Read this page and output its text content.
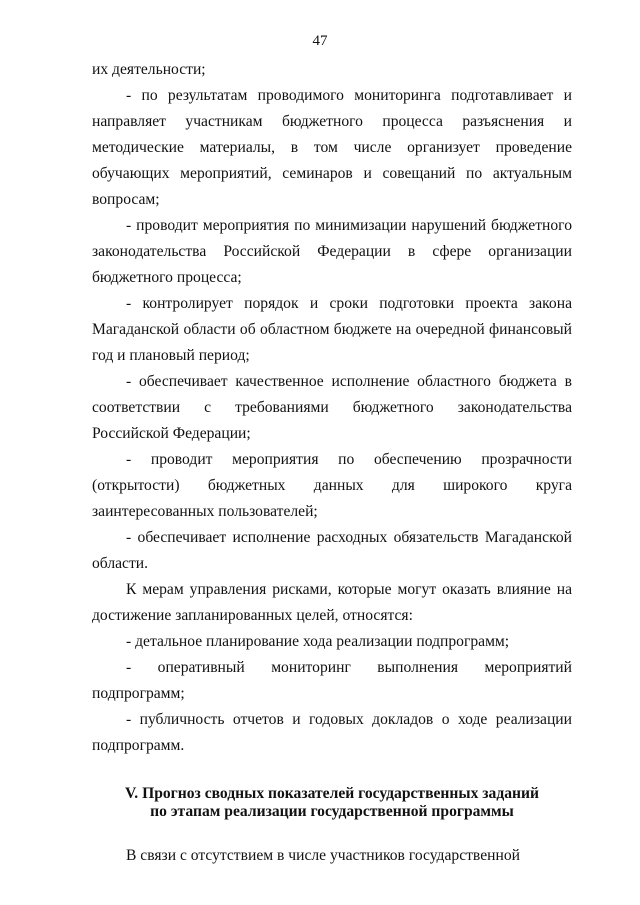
47

их деятельности;

- по результатам проводимого мониторинга подготавливает и направляет участникам бюджетного процесса разъяснения и методические материалы, в том числе организует проведение обучающих мероприятий, семинаров и совещаний по актуальным вопросам;

- проводит мероприятия по минимизации нарушений бюджетного законодательства Российской Федерации в сфере организации бюджетного процесса;

- контролирует порядок и сроки подготовки проекта закона Магаданской области об областном бюджете на очередной финансовый год и плановый период;

- обеспечивает качественное исполнение областного бюджета в соответствии с требованиями бюджетного законодательства Российской Федерации;

- проводит мероприятия по обеспечению прозрачности (открытости) бюджетных данных для широкого круга заинтересованных пользователей;

- обеспечивает исполнение расходных обязательств Магаданской области.

К мерам управления рисками, которые могут оказать влияние на достижение запланированных целей, относятся:

- детальное планирование хода реализации подпрограмм;

- оперативный мониторинг выполнения мероприятий подпрограмм;

- публичность отчетов и годовых докладов о ходе реализации подпрограмм.

V. Прогноз сводных показателей государственных заданий
по этапам реализации государственной программы

В связи с отсутствием в числе участников государственной
